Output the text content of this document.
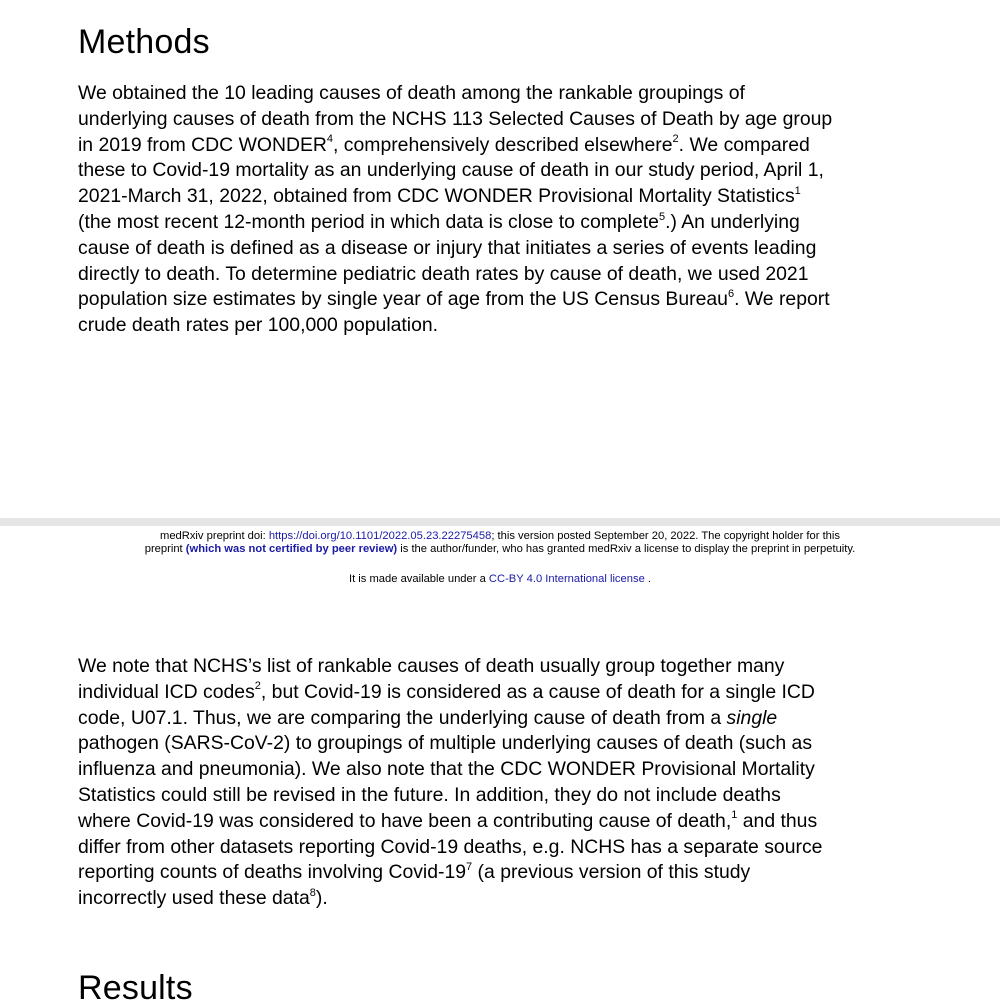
Methods

We obtained the 10 leading causes of death among the rankable groupings of
underlying causes of death from the NCHS 113 Selected Causes of Death by age group
in 2019 from CDC WONDER$^4$, comprehensively described elsewhere$^2$. We compared
these to Covid-19 mortality as an underlying cause of death in our study period, April 1,
2021-March 31, 2022, obtained from CDC WONDER Provisional Mortality Statistics$^1$
(the most recent 12-month period in which data is close to complete$^5$.) An underlying
cause of death is defined as a disease or injury that initiates a series of events leading
directly to death. To determine pediatric death rates by cause of death, we used 2021
population size estimates by single year of age from the US Census Bureau$^6$. We report
crude death rates per 100,000 population.

medRxiv preprint doi: https://doi.org/10.1101/2022.05.23.22275458; this version posted September 20, 2022. The copyright holder for this
preprint (which was not certified by peer review) is the author/funder, who has granted medRxiv a license to display the preprint in perpetuity.
It is made available under a CC-BY 4.0 International license .

We note that NCHS’s list of rankable causes of death usually group together many
individual ICD codes$^2$, but Covid-19 is considered as a cause of death for a single ICD
code, U07.1. Thus, we are comparing the underlying cause of death from a single
pathogen (SARS-CoV-2) to groupings of multiple underlying causes of death (such as
influenza and pneumonia). We also note that the CDC WONDER Provisional Mortality
Statistics could still be revised in the future. In addition, they do not include deaths
where Covid-19 was considered to have been a contributing cause of death,$^1$ and thus
differ from other datasets reporting Covid-19 deaths, e.g. NCHS has a separate source
reporting counts of deaths involving Covid-$19^7$ (a previous version of this study
incorrectly used these data$^8$).

Results
